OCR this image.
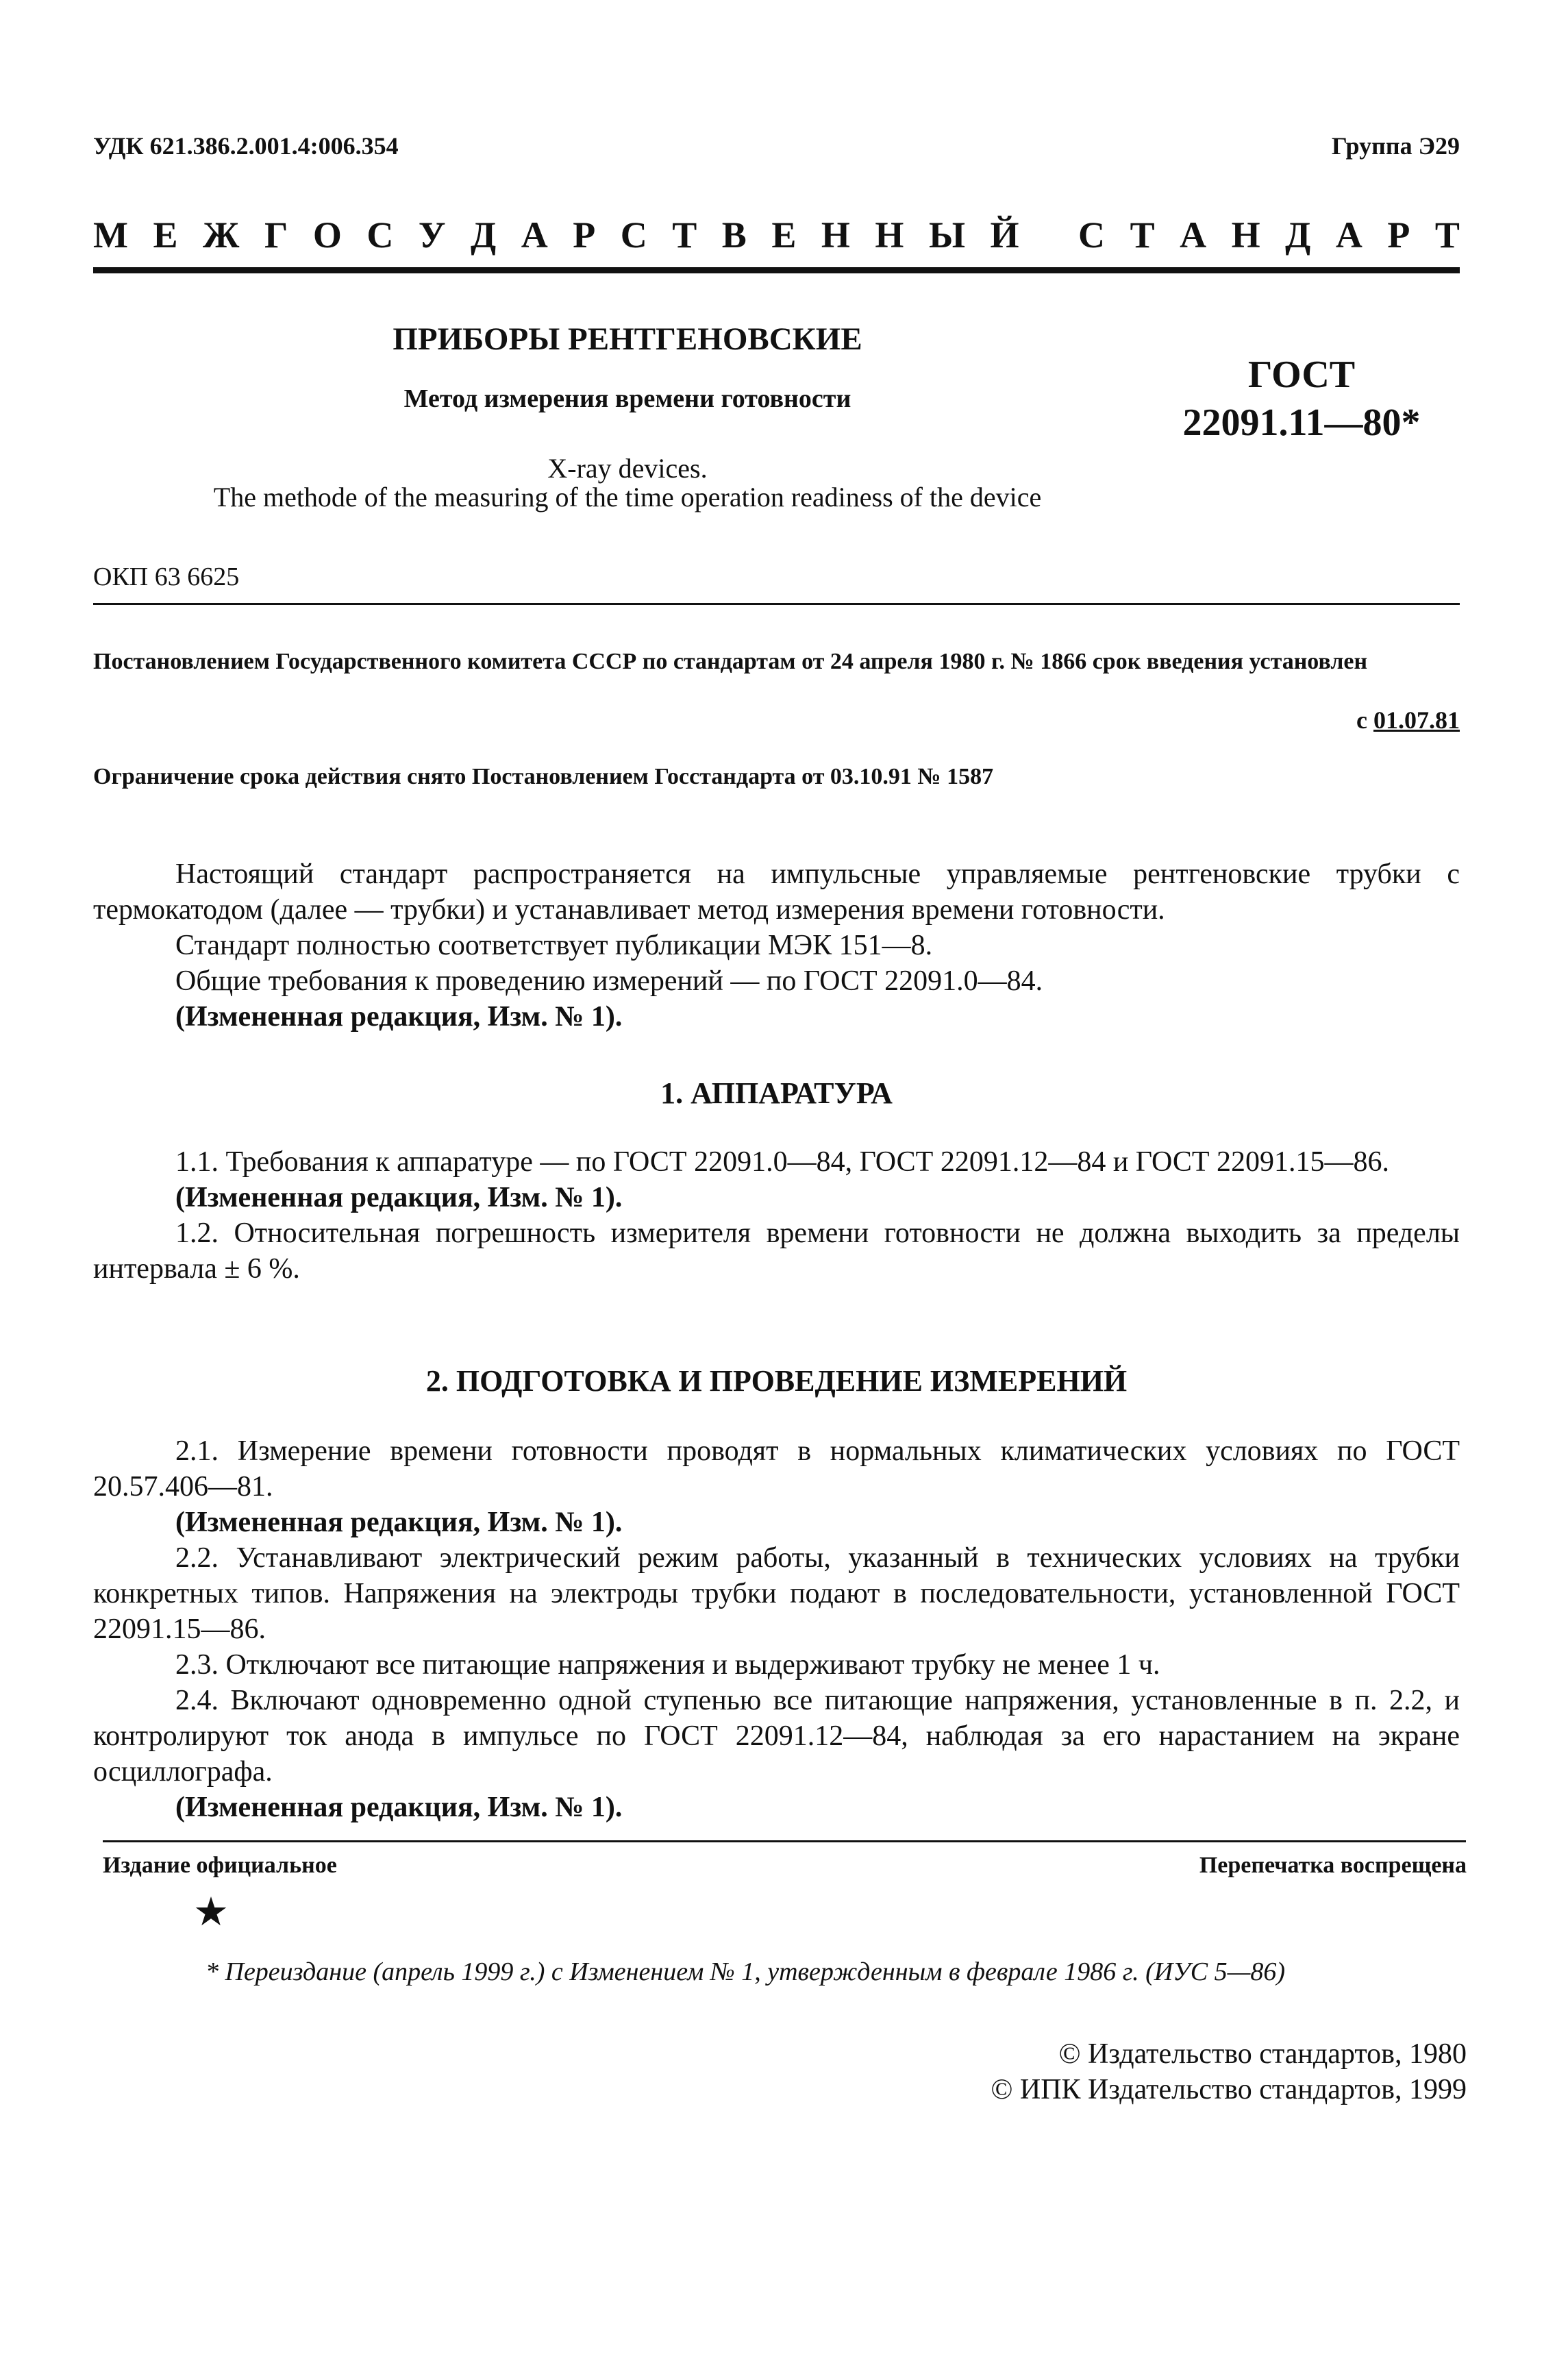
УДК 621.386.2.001.4:006.354	Группа Э29
М Е Ж Г О С У Д А Р С Т В Е Н Н Ы Й
С Т А Н Д А Р Т
ПРИБОРЫ РЕНТГЕНОВСКИЕ
Метод измерения времени готовности
X-ray devices.
The methode of the measuring of the time operation readiness of the device
ГОСТ
22091.11—80*
ОКП 63 6625
Постановлением Государственного комитета СССР по стандартам от 24 апреля 1980 г. № 1866 срок введения установлен
с 01.07.81
Ограничение срока действия снято Постановлением Госстандарта от 03.10.91 № 1587

Настоящий стандарт распространяется на импульсные управляемые рентгеновские трубки с термокатодом (далее — трубки) и устанавливает метод измерения времени готовности.

Стандарт полностью соответствует публикации МЭК 151—8.

Общие требования к проведению измерений — по ГОСТ 22091.0—84.

(Измененная редакция, Изм. № 1).

1. АППАРАТУРА

1.1. Требования к аппаратуре — по ГОСТ 22091.0—84, ГОСТ 22091.12—84 и ГОСТ 22091.15—86.

(Измененная редакция, Изм. № 1).

1.2. Относительная погрешность измерителя времени готовности не должна выходить за пределы интервала ± 6 %.

2. ПОДГОТОВКА И ПРОВЕДЕНИЕ ИЗМЕРЕНИЙ

2.1. Измерение времени готовности проводят в нормальных климатических условиях по ГОСТ 20.57.406—81.

(Измененная редакция, Изм. № 1).

2.2. Устанавливают электрический режим работы, указанный в технических условиях на трубки конкретных типов. Напряжения на электроды трубки подают в последовательности, установленной ГОСТ 22091.15—86.

2.3. Отключают все питающие напряжения и выдерживают трубку не менее 1 ч.

2.4. Включают одновременно одной ступенью все питающие напряжения, установленные в п. 2.2, и контролируют ток анода в импульсе по ГОСТ 22091.12—84, наблюдая за его нарастанием на экране осциллографа.

(Измененная редакция, Изм. № 1).

Издание официальное	Перепечатка воспрещена
★
* Переиздание (апрель 1999 г.) с Изменением № 1, утвержденным в феврале 1986 г. (ИУС 5—86)
© Издательство стандартов, 1980
© ИПК Издательство стандартов, 1999
